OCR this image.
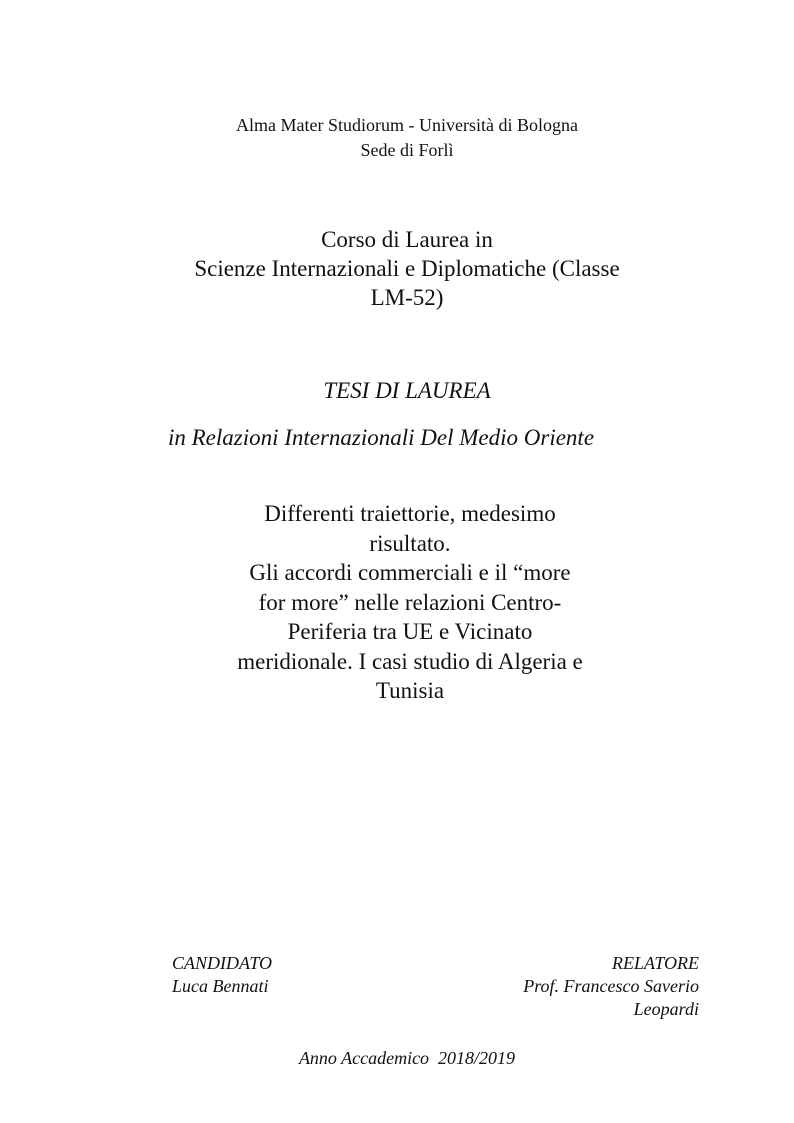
Alma Mater Studiorum - Università di Bologna
Sede di Forlì
Corso di Laurea in
Scienze Internazionali e Diplomatiche (Classe
LM-52)
TESI DI LAUREA
in Relazioni Internazionali Del Medio Oriente
Differenti traiettorie, medesimo
risultato.
Gli accordi commerciali e il “more
for more” nelle relazioni Centro-
Periferia tra UE e Vicinato
meridionale. I casi studio di Algeria e
Tunisia
CANDIDATO
Luca Bennati
RELATORE
Prof. Francesco Saverio
Leopardi
Anno Accademico  2018/2019
